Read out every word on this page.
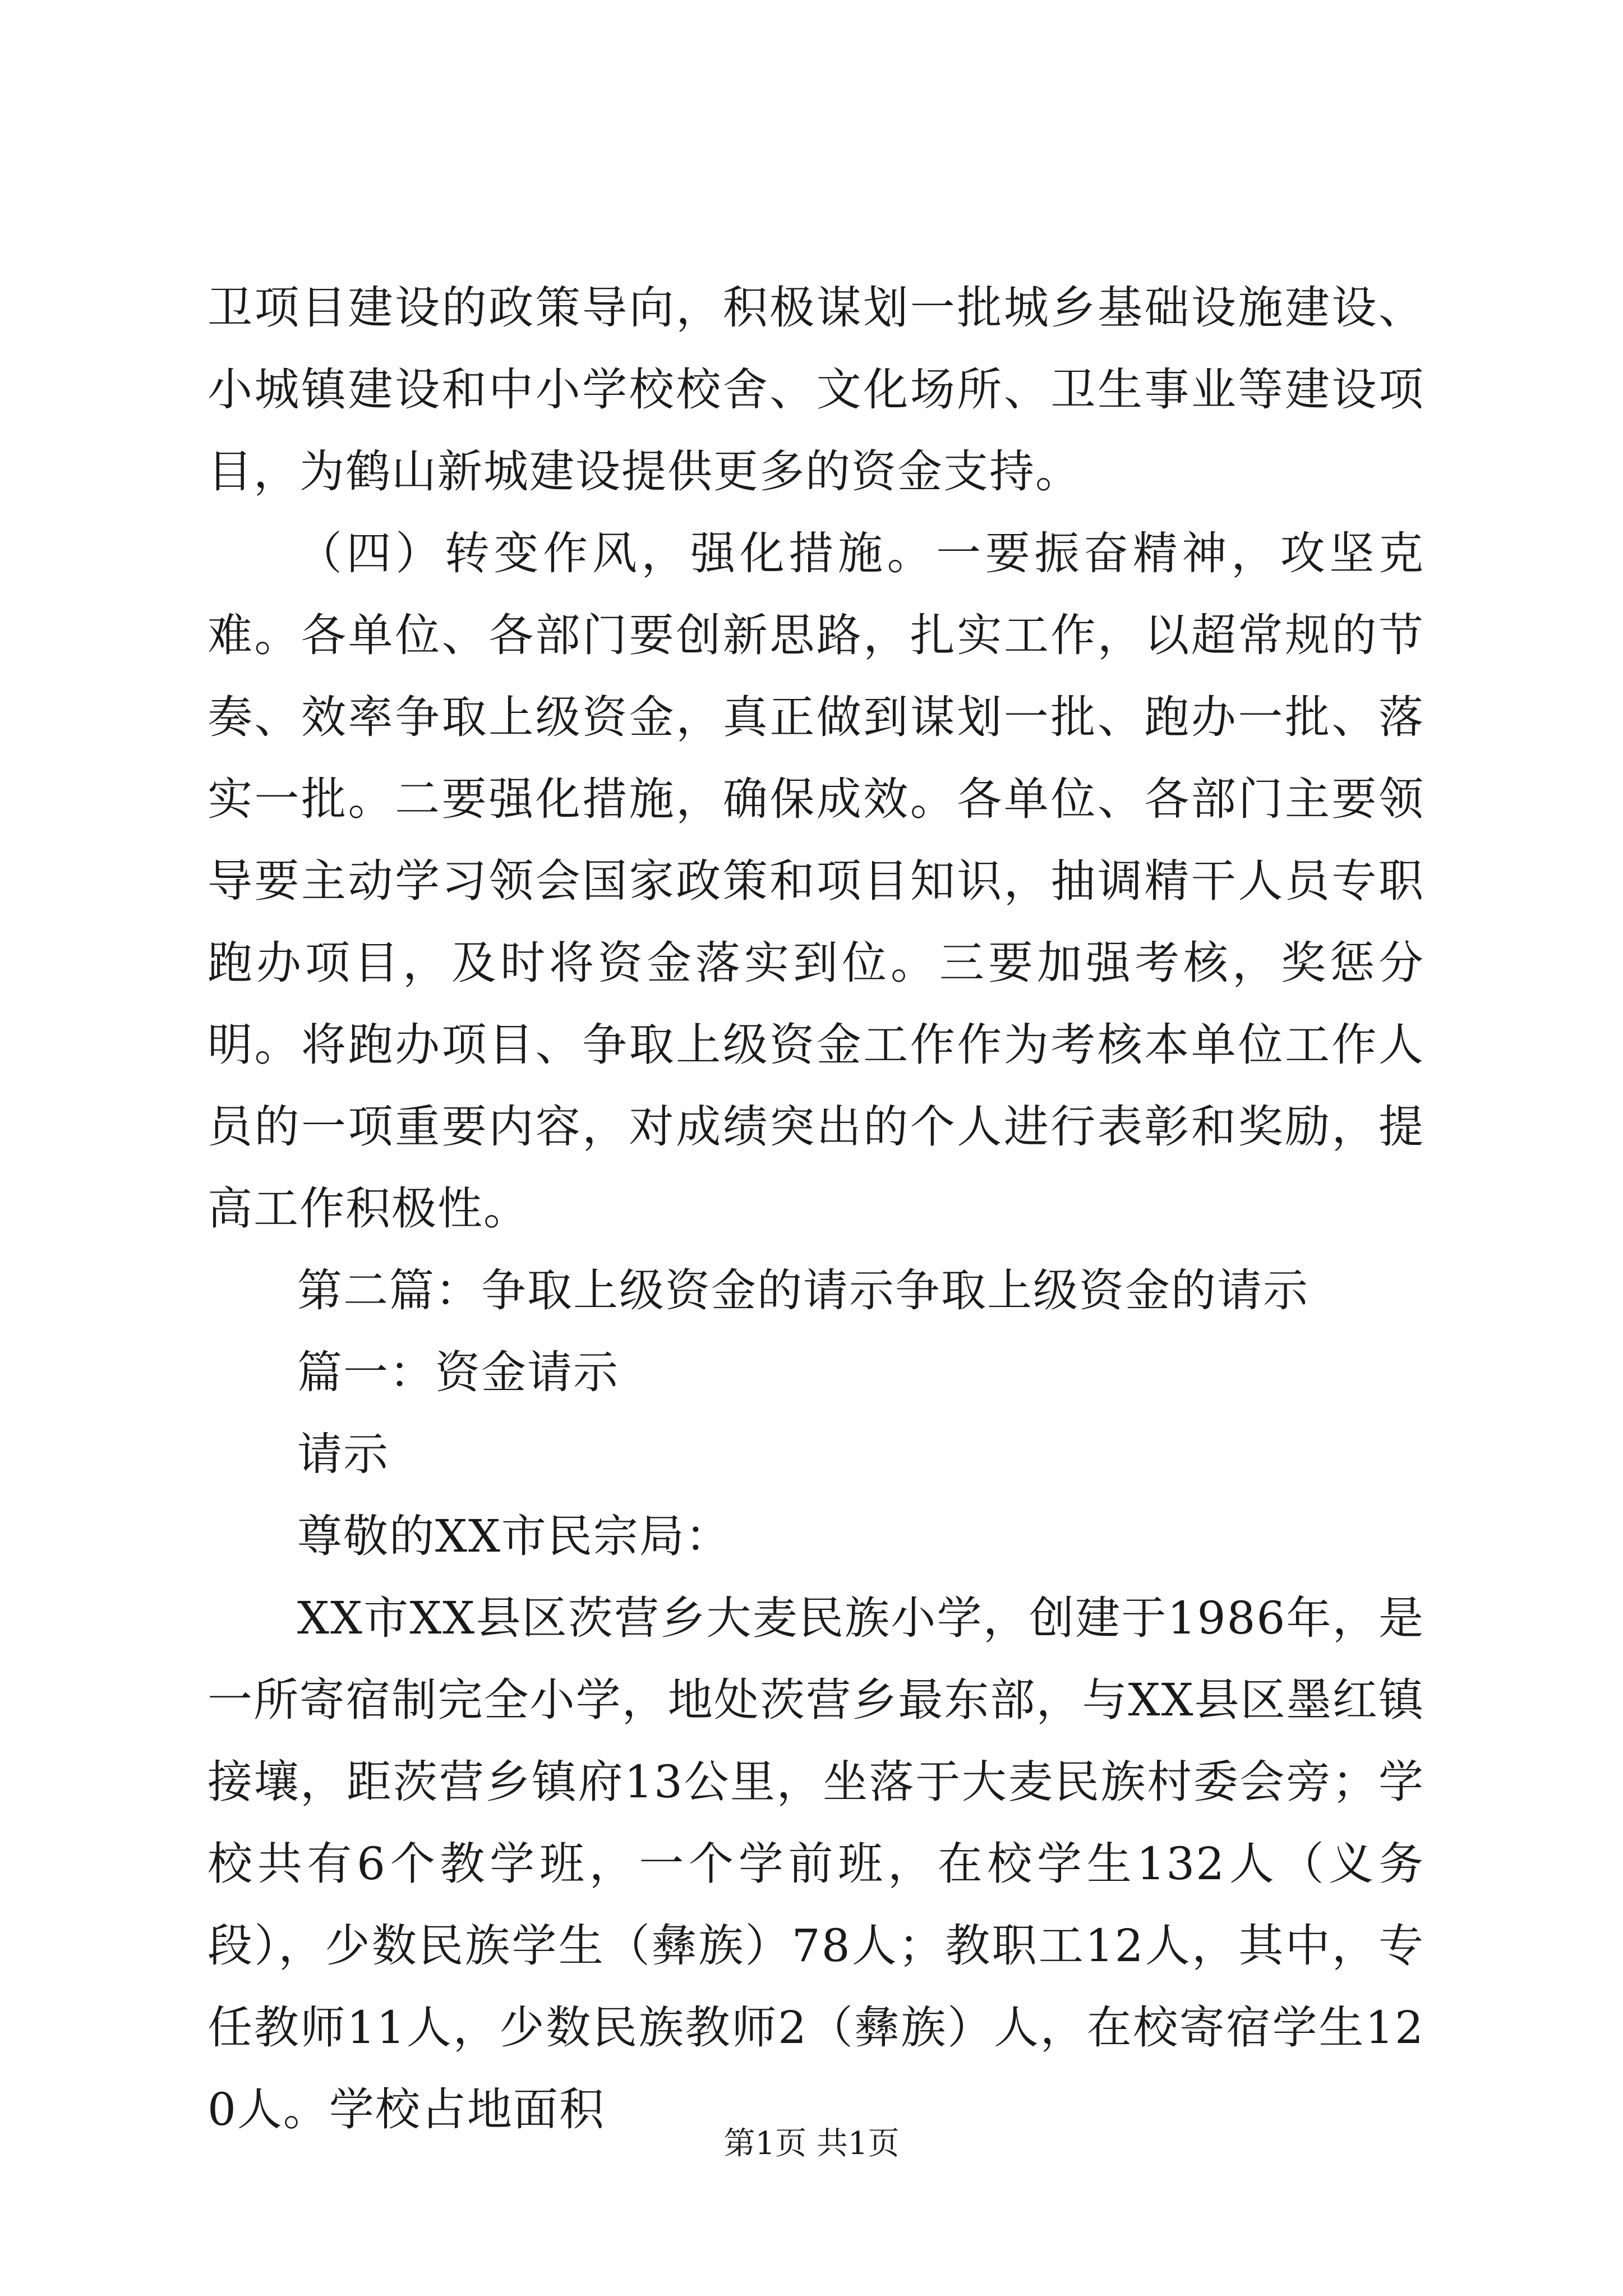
卫项目建设的政策导向，积极谋划一批城乡基础设施建设、小城镇建设和中小学校校舍、文化场所、卫生事业等建设项目，为鹤山新城建设提供更多的资金支持。

（四）转变作风，强化措施。一要振奋精神，攻坚克难。各单位、各部门要创新思路，扎实工作，以超常规的节奏、效率争取上级资金，真正做到谋划一批、跑办一批、落实一批。二要强化措施，确保成效。各单位、各部门主要领导要主动学习领会国家政策和项目知识，抽调精干人员专职跑办项目，及时将资金落实到位。三要加强考核，奖惩分明。将跑办项目、争取上级资金工作作为考核本单位工作人员的一项重要内容，对成绩突出的个人进行表彰和奖励，提高工作积极性。

第二篇：争取上级资金的请示争取上级资金的请示

篇一：资金请示

请示

尊敬的XX市民宗局：

XX市XX县区茨营乡大麦民族小学，创建于1986年，是一所寄宿制完全小学，地处茨营乡最东部，与XX县区墨红镇接壤，距茨营乡镇府13公里，坐落于大麦民族村委会旁；学校共有6个教学班，一个学前班，在校学生132人（义务段），少数民族学生（彝族）78人；教职工12人，其中，专任教师11人，少数民族教师2（彝族）人，在校寄宿学生120人。学校占地面积

第1页 共1页
